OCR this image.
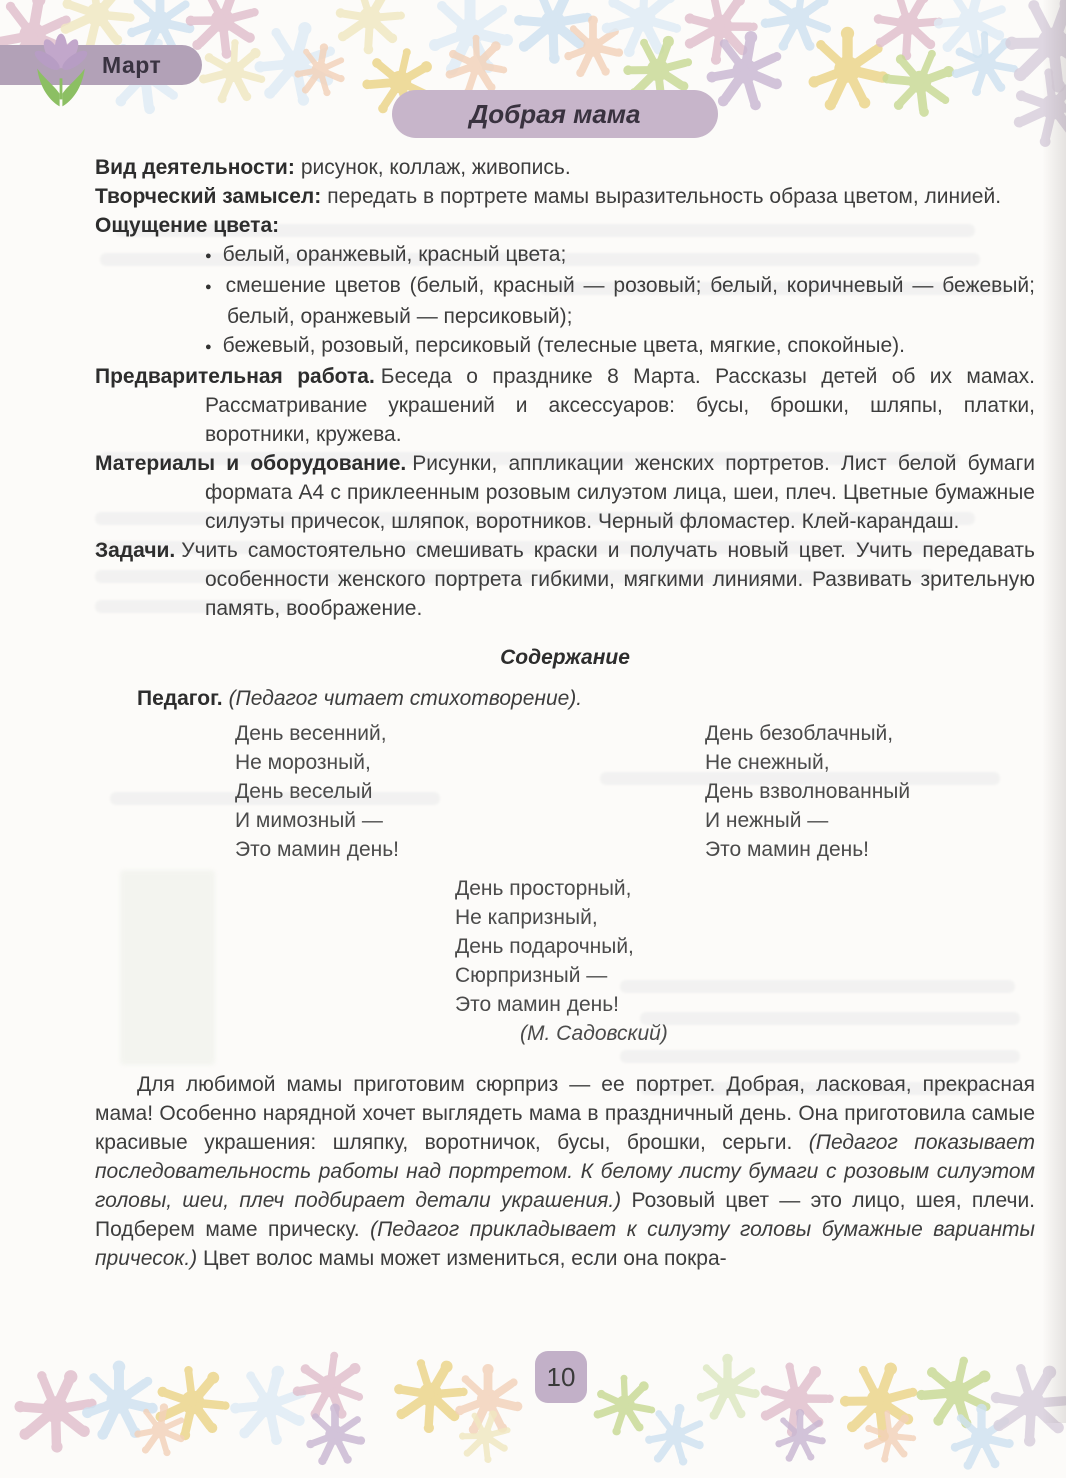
Март
Добрая мама

Вид деятельности: рисунок, коллаж, живопись.

Творческий замысел: передать в портрете мамы выразительность образа цветом, линией.

Ощущение цвета:

● белый, оранжевый, красный цвета;
● смешение цветов (белый, красный — розовый; белый, коричневый — бежевый; белый, оранжевый — персиковый);
● бежевый, розовый, персиковый (телесные цвета, мягкие, спокойные).

Предварительная работа. Беседа о празднике 8 Марта. Рассказы детей об их мамах. Рассматривание украшений и аксессуаров: бусы, брошки, шляпы, платки, воротники, кружева.

Материалы и оборудование. Рисунки, аппликации женских портретов. Лист белой бумаги формата А4 с приклеенным розовым силуэтом лица, шеи, плеч. Цветные бумажные силуэты причесок, шляпок, воротников. Черный фломастер. Клей-карандаш.

Задачи. Учить самостоятельно смешивать краски и получать новый цвет. Учить передавать особенности женского портрета гибкими, мягкими линиями. Развивать зрительную память, воображение.

Содержание

Педагог. (Педагог читает стихотворение).

День весенний,
Не морозный,
День веселый
И мимозный —
Это мамин день!
День безоблачный,
Не снежный,
День взволнованный
И нежный —
Это мамин день!
День просторный,
Не капризный,
День подарочный,
Сюрпризный —
Это мамин день!
(М. Садовский)

Для любимой мамы приготовим сюрприз — ее портрет. Добрая, ласковая, прекрасная мама! Особенно нарядной хочет выглядеть мама в праздничный день. Она приготовила самые красивые украшения: шляпку, воротничок, бусы, брошки, серьги. (Педагог показывает последовательность работы над портретом. К белому листу бумаги с розовым силуэтом головы, шеи, плеч подбирает детали украшения.) Розовый цвет — это лицо, шея, плечи. Подберем маме прическу. (Педагог прикладывает к силуэту головы бумажные варианты причесок.) Цвет волос мамы может измениться, если она покра-

10
